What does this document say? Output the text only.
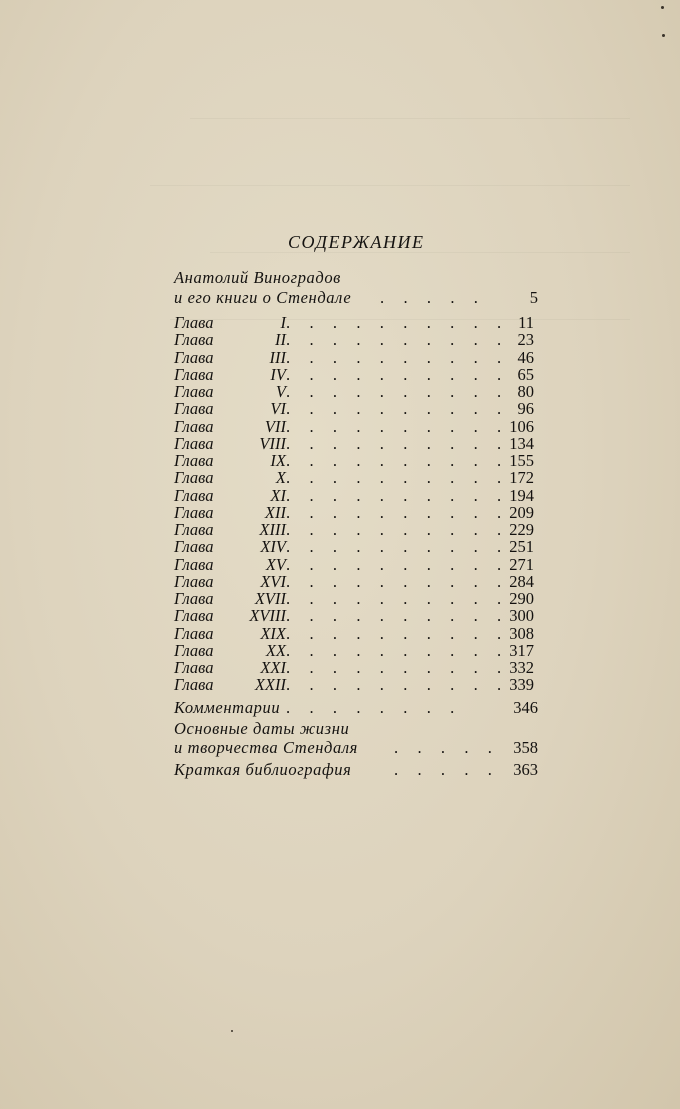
СОДЕРЖАНИЕ
Анатолий Виноградов
и его книги о Стендале . . . . .	5
Глава	I . . . . . . . . . . 11
Глава	II . . . . . . . . . . 23
Глава	III . . . . . . . . . . 46
Глава	IV . . . . . . . . . . 65
Глава	V . . . . . . . . . . 80
Глава	VI . . . . . . . . . . 96
Глава	VII . . . . . . . . . . 106
Глава	VIII . . . . . . . . . . 134
Глава	IX . . . . . . . . . . 155
Глава	X . . . . . . . . . . 172
Глава	XI . . . . . . . . . . 194
Глава	XII . . . . . . . . . . 209
Глава	XIII . . . . . . . . . . 229
Глава	XIV . . . . . . . . . . 251
Глава	XV . . . . . . . . . . 271
Глава	XVI . . . . . . . . . . 284
Глава	XVII . . . . . . . . . . 290
Глава XVIII . . . . . . . . . . 300
Глава	XIX . . . . . . . . . . 308
Глава	XX . . . . . . . . . . 317
Глава	XXI . . . . . . . . . . 332
Глава	XXII . . . . . . . . . . 339
Комментарии . . . . . . . .	346
Основные даты жизни
и творчества Стендаля . . . . . 358
Краткая библиография	. . . . . 363
